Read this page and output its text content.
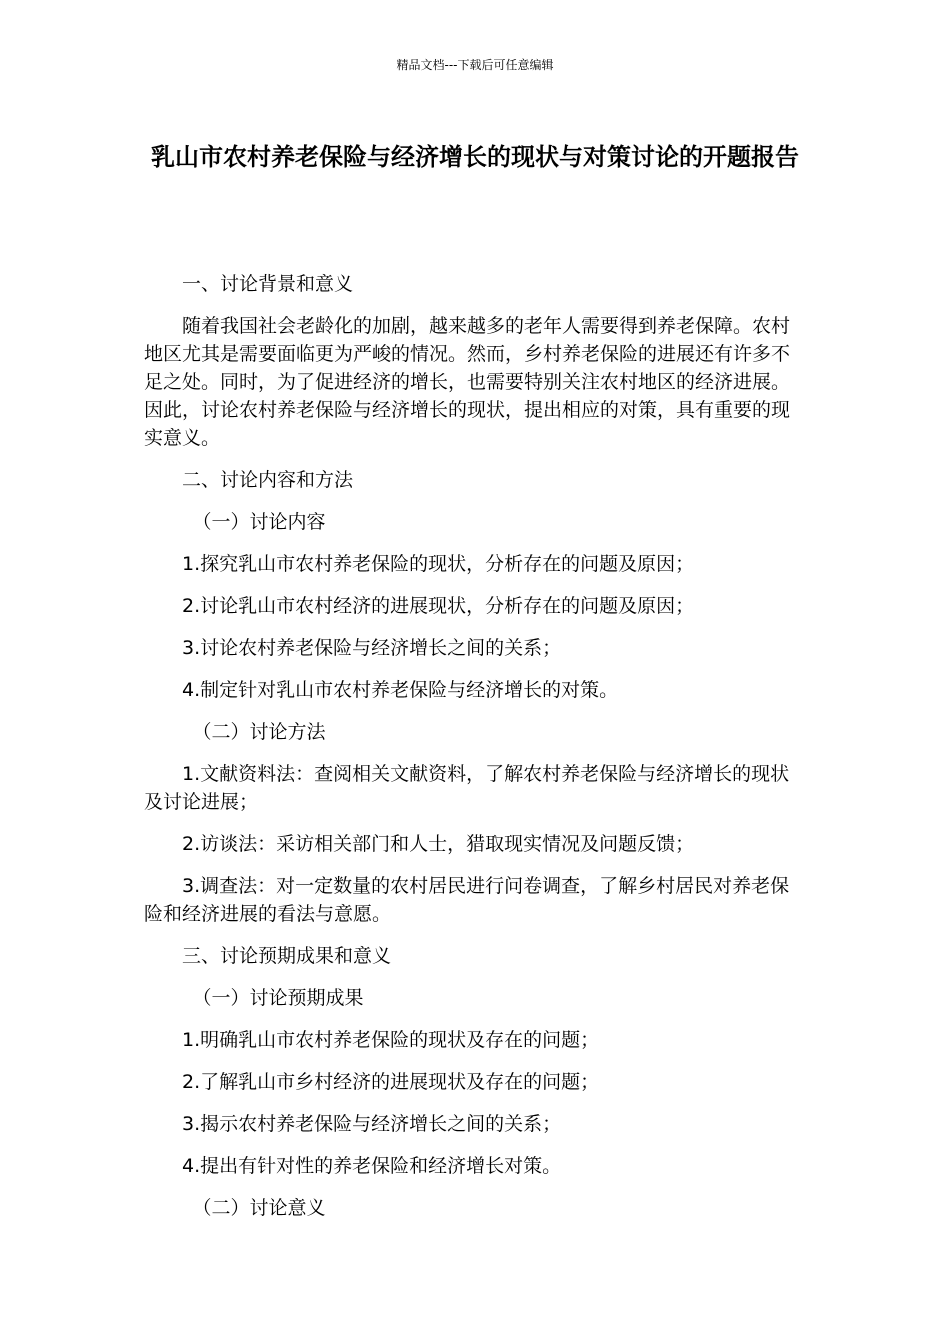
精品文档---下载后可任意编辑
乳山市农村养老保险与经济增长的现状与对策讨论的开题报告

一、讨论背景和意义

随着我国社会老龄化的加剧，越来越多的老年人需要得到养老保障。农村地区尤其是需要面临更为严峻的情况。然而，乡村养老保险的进展还有许多不足之处。同时，为了促进经济的增长，也需要特别关注农村地区的经济进展。因此，讨论农村养老保险与经济增长的现状，提出相应的对策，具有重要的现实意义。

二、讨论内容和方法

（一）讨论内容

1.探究乳山市农村养老保险的现状，分析存在的问题及原因；

2.讨论乳山市农村经济的进展现状，分析存在的问题及原因；

3.讨论农村养老保险与经济增长之间的关系；

4.制定针对乳山市农村养老保险与经济增长的对策。

（二）讨论方法

1.文献资料法：查阅相关文献资料，了解农村养老保险与经济增长的现状及讨论进展；

2.访谈法：采访相关部门和人士，猎取现实情况及问题反馈；

3.调查法：对一定数量的农村居民进行问卷调查，了解乡村居民对养老保险和经济进展的看法与意愿。

三、讨论预期成果和意义

（一）讨论预期成果

1.明确乳山市农村养老保险的现状及存在的问题；

2.了解乳山市乡村经济的进展现状及存在的问题；

3.揭示农村养老保险与经济增长之间的关系；

4.提出有针对性的养老保险和经济增长对策。

（二）讨论意义
